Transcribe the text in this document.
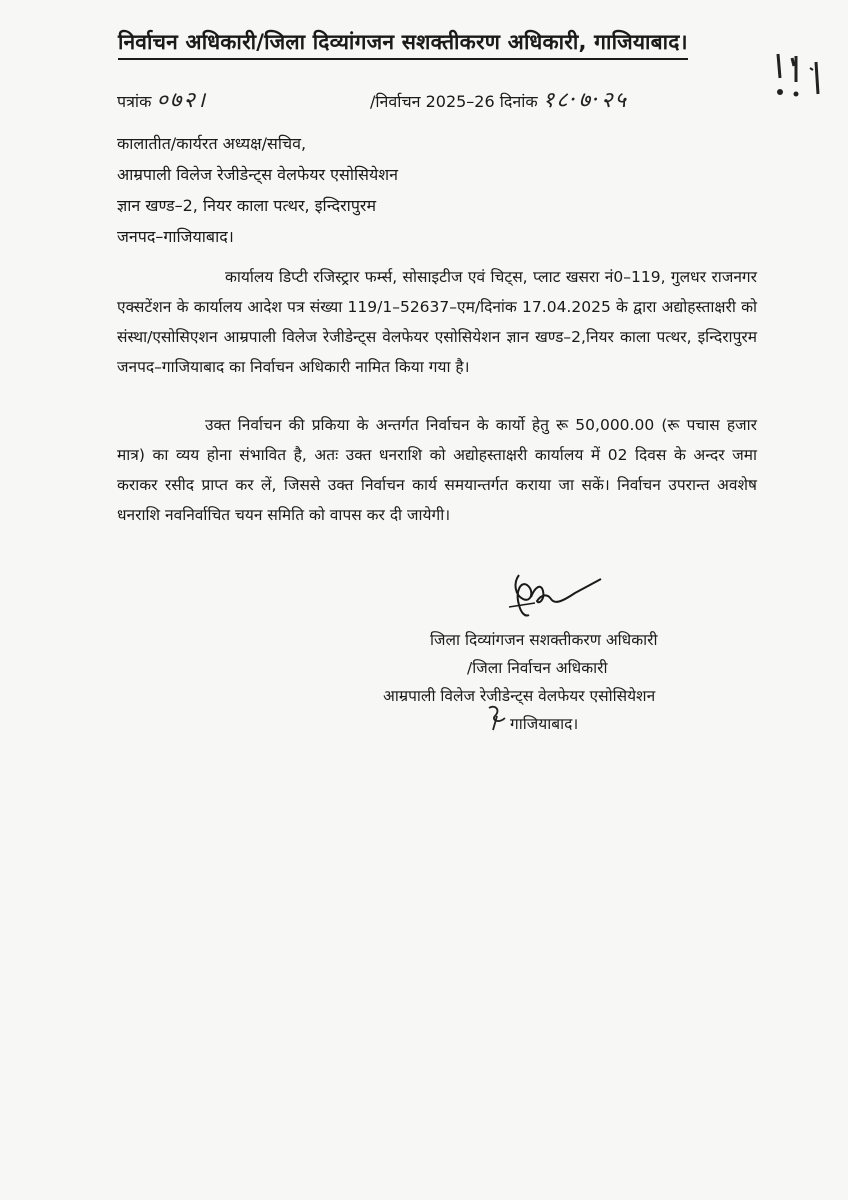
निर्वाचन अधिकारी/जिला दिव्यांगजन सशक्तीकरण अधिकारी, गाजियाबाद।
पत्रांक ०७२।	/निर्वाचन 2025–26 दिनांक १८·७·२५
कालातीत/कार्यरत अध्यक्ष/सचिव,
आम्रपाली विलेज रेजीडेन्ट्स वेलफेयर एसोसियेशन
ज्ञान खण्ड–2, नियर काला पत्थर, इन्दिरापुरम
जनपद–गाजियाबाद।
कार्यालय डिप्टी रजिस्ट्रार फर्म्स, सोसाइटीज एवं चिट्स, प्लाट खसरा नं0–119, गुलधर राजनगर एक्सटेंशन के कार्यालय आदेश पत्र संख्या 119/1–52637–एम/दिनांक 17.04.2025 के द्वारा अद्योहस्ताक्षरी को संस्था/एसोसिएशन आम्रपाली विलेज रेजीडेन्ट्स वेलफेयर एसोसियेशन ज्ञान खण्ड–2,नियर काला पत्थर, इन्दिरापुरम जनपद–गाजियाबाद का निर्वाचन अधिकारी नामित किया गया है।
उक्त निर्वाचन की प्रकिया के अन्तर्गत निर्वाचन के कार्यो हेतु रू 50,000.00 (रू पचास हजार मात्र) का व्यय होना संभावित है, अतः उक्त धनराशि को अद्योहस्ताक्षरी कार्यालय में 02 दिवस के अन्दर जमा कराकर रसीद प्राप्त कर लें, जिससे उक्त निर्वाचन कार्य समयान्तर्गत कराया जा सकें। निर्वाचन उपरान्त अवशेष धनराशि नवनिर्वाचित चयन समिति को वापस कर दी जायेगी।
जिला दिव्यांगजन सशक्तीकरण अधिकारी
/जिला निर्वाचन अधिकारी
आम्रपाली विलेज रेजीडेन्ट्स वेलफेयर एसोसियेशन
गाजियाबाद।
